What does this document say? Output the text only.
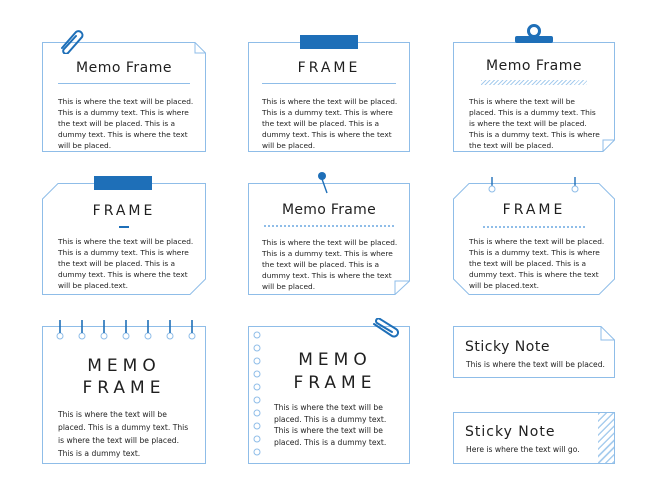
Memo Frame
This is where the text will be placed. This is a dummy text. This is where the text will be placed. This is a dummy text. This is where the text will be placed.
FRAME
This is where the text will be placed. This is a dummy text. This is where the text will be placed. This is a dummy text. This is where the text will be placed.
Memo Frame
This is where the text will be placed. This is a dummy text. This is where the text will be placed. This is a dummy text. This is where the text will be placed.
FRAME
This is where the text will be placed. This is a dummy text. This is where the text will be placed. This is a dummy text. This is where the text will be placed.text.
Memo Frame
This is where the text will be placed. This is a dummy text. This is where the text will be placed. This is a dummy text. This is where the text will be placed.
FRAME
This is where the text will be placed. This is a dummy text. This is where the text will be placed. This is a dummy text. This is where the text will be placed.text.
MEMO
FRAME
This is where the text will be placed. This is a dummy text. This is where the text will be placed. This is a dummy text.
MEMO
FRAME
This is where the text will be placed. This is a dummy text. This is where the text will be placed. This is a dummy text.
Sticky Note
This is where the text will be placed.
Sticky Note
Here is where the text will go.
